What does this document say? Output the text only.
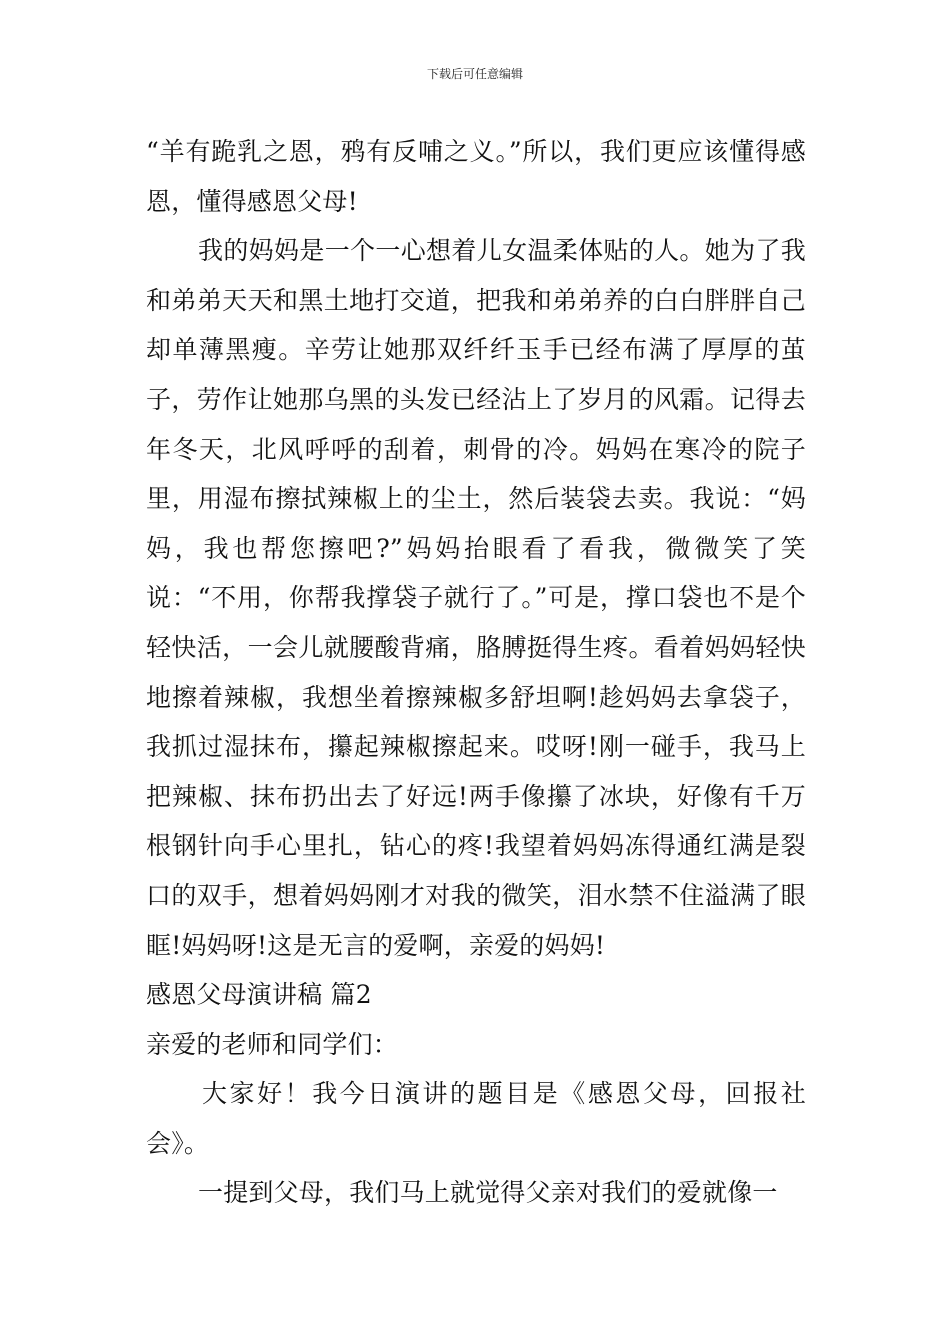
下载后可任意编辑

“羊有跪乳之恩，鸦有反哺之义。”所以，我们更应该懂得感恩，懂得感恩父母!

我的妈妈是一个一心想着儿女温柔体贴的人。她为了我和弟弟天天和黑土地打交道，把我和弟弟养的白白胖胖自己却单薄黑瘦。辛劳让她那双纤纤玉手已经布满了厚厚的茧子，劳作让她那乌黑的头发已经沾上了岁月的风霜。记得去年冬天，北风呼呼的刮着，刺骨的冷。妈妈在寒冷的院子里，用湿布擦拭辣椒上的尘土，然后装袋去卖。我说：“妈妈，我也帮您擦吧?”妈妈抬眼看了看我，微微笑了笑说：“不用，你帮我撑袋子就行了。”可是，撑口袋也不是个轻快活，一会儿就腰酸背痛，胳膊挺得生疼。看着妈妈轻快地擦着辣椒，我想坐着擦辣椒多舒坦啊!趁妈妈去拿袋子，我抓过湿抹布，攥起辣椒擦起来。哎呀!刚一碰手，我马上把辣椒、抹布扔出去了好远!两手像攥了冰块，好像有千万根钢针向手心里扎，钻心的疼!我望着妈妈冻得通红满是裂口的双手，想着妈妈刚才对我的微笑，泪水禁不住溢满了眼眶!妈妈呀!这是无言的爱啊，亲爱的妈妈!

感恩父母演讲稿 篇2

亲爱的老师和同学们：

大家好！我今日演讲的题目是《感恩父母，回报社会》。

一提到父母，我们马上就觉得父亲对我们的爱就像一
